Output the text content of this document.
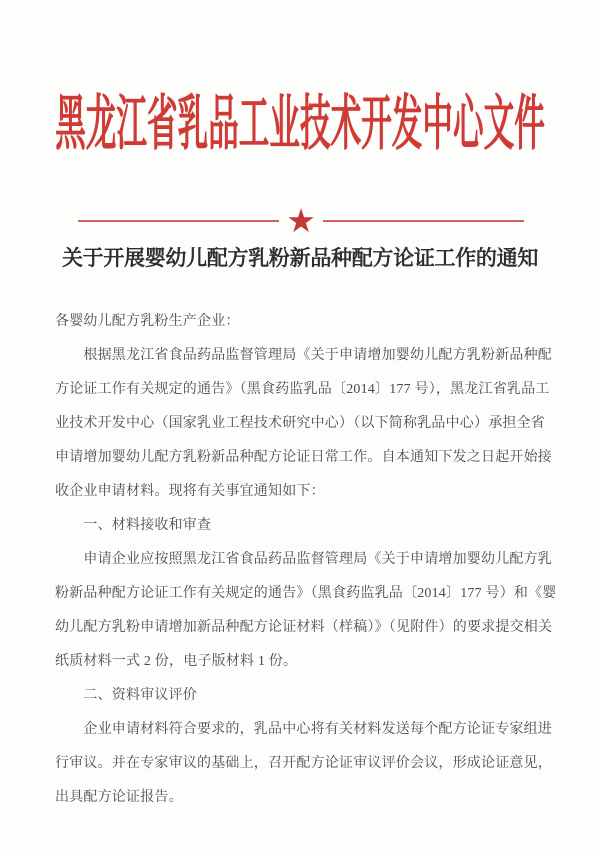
黑龙江省乳品工业技术开发中心文件
★
关于开展婴幼儿配方乳粉新品种配方论证工作的通知
各婴幼儿配方乳粉生产企业：
　　根据黑龙江省食品药品监督管理局《关于申请增加婴幼儿配方乳粉新品种配
方论证工作有关规定的通告》（黑食药监乳品〔2014〕177 号），黑龙江省乳品工
业技术开发中心（国家乳业工程技术研究中心）（以下简称乳品中心）承担全省
申请增加婴幼儿配方乳粉新品种配方论证日常工作。自本通知下发之日起开始接
收企业申请材料。现将有关事宜通知如下：
　　一、材料接收和审查
　　申请企业应按照黑龙江省食品药品监督管理局《关于申请增加婴幼儿配方乳
粉新品种配方论证工作有关规定的通告》（黑食药监乳品〔2014〕177 号）和《婴
幼儿配方乳粉申请增加新品种配方论证材料（样稿）》（见附件）的要求提交相关
纸质材料一式 2 份，电子版材料 1 份。
　　二、资料审议评价
　　企业申请材料符合要求的，乳品中心将有关材料发送每个配方论证专家组进
行审议。并在专家审议的基础上，召开配方论证审议评价会议，形成论证意见，
出具配方论证报告。
